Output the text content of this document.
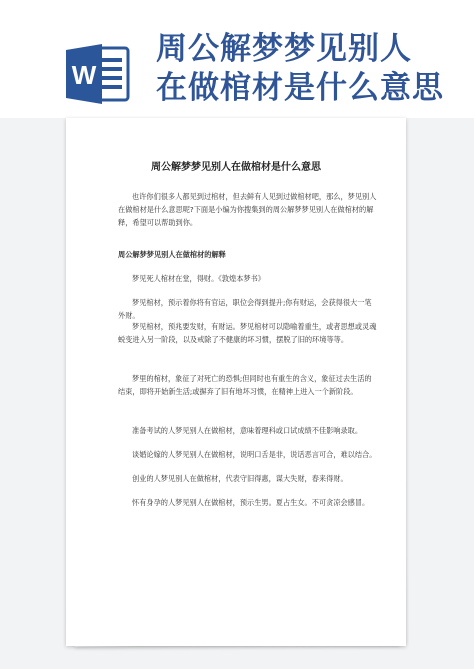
W
周公解梦梦见别人
在做棺材是什么意思
周公解梦梦见别人在做棺材是什么意思
也许你们很多人都见到过棺材，但去鲜有人见到过做棺材吧，那么，梦见别人在做棺材是什么意思呢?下面是小编为你搜集到的周公解梦梦见别人在做棺材的解释，希望可以帮助到你。
周公解梦梦见别人在做棺材的解释
梦见死人棺材在堂，得财。《敦煌本梦书》
梦见棺材，预示着你将有官运，职位会得到提升;你有财运，会获得很大一笔外财。
梦见棺材，预兆要发财，有财运。梦见棺材可以隐喻着重生，或者思想或灵魂蜕变进入另一阶段，以及戒除了不健康的坏习惯，摆脱了旧的环境等等。
梦里的棺材，象征了对死亡的恐惧;但同时也有重生的含义，象征过去生活的结束，即将开始新生活;或摒弃了旧有地坏习惯，在精神上进入一个新阶段。
准备考试的人梦见别人在做棺材，意味着理科或口试成绩不佳影响录取。
谈婚论嫁的人梦见别人在做棺材，说明口舌是非，说话恶言可合，难以结合。
创业的人梦见别人在做棺材，代表守旧得惠，谋大失财，春来得财。
怀有身孕的人梦见别人在做棺材，预示生男。夏占生女。不可贪凉会感冒。
